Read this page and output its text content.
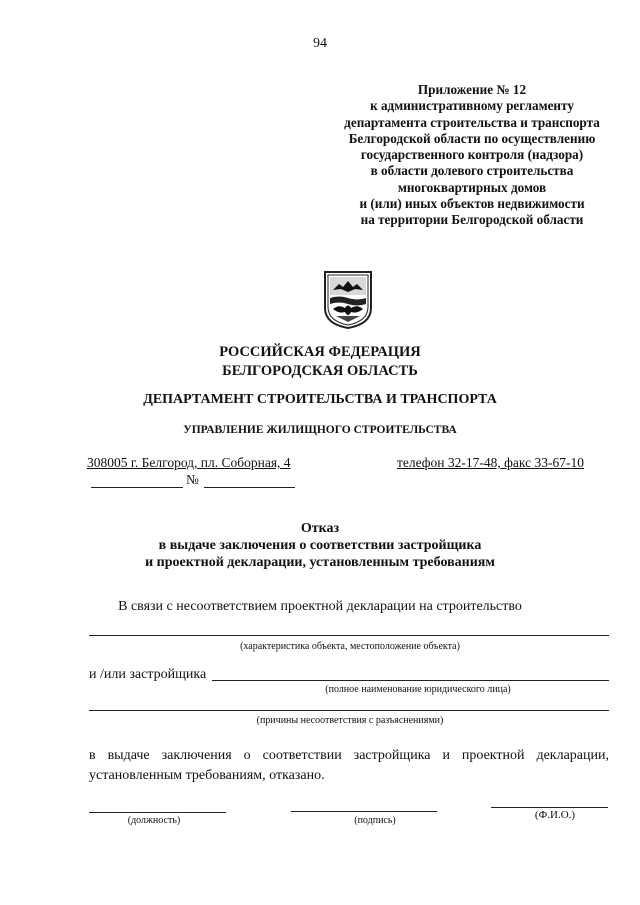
94
Приложение № 12
к административному регламенту
департамента строительства и транспорта
Белгородской области по осуществлению
государственного контроля (надзора)
в области долевого строительства
многоквартирных домов
и (или) иных объектов недвижимости
на территории Белгородской области
РОССИЙСКАЯ ФЕДЕРАЦИЯ
БЕЛГОРОДСКАЯ ОБЛАСТЬ
ДЕПАРТАМЕНТ СТРОИТЕЛЬСТВА И ТРАНСПОРТА
УПРАВЛЕНИЕ ЖИЛИЩНОГО СТРОИТЕЛЬСТВА
308005 г. Белгород, пл. Соборная, 4	телефон 32-17-48, факс 33-67-10
№
Отказ
в выдаче заключения о соответствии застройщика
и проектной декларации, установленным требованиям
В связи с несоответствием проектной декларации на строительство
(характеристика объекта, местоположение объекта)
и /или застройщика
(полное наименование юридического лица)
(причины несоответствия с разъяснениями)
в выдаче заключения о соответствии застройщика и проектной декларации, установленным требованиям, отказано.
(должность)	(подпись)	(Ф.И.О.)
